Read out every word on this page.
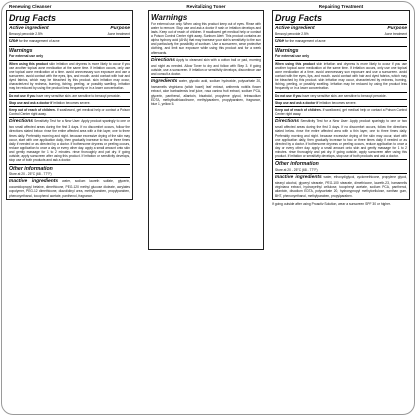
Renewing Cleanser
Drug Facts
Active ingredient	Purpose
Benzoyl peroxide 2.5%	Acne treatment
Use for the management of acne
Warnings
For external use only
When using this product skin irritation and dryness is more likely to occur if you use another topical acne medication at the same time. If irritation occurs, only use one topical acne medication at a time. avoid unnecessary sun exposure and use a sunscreen. avoid contact with the eyes, lips, and mouth. avoid contact with hair and dyed fabrics, which may be bleached by this product. skin irritation may occur, characterized by redness, burning, itching, peeling, or possibly swelling. Irritation may be reduced by using the product less frequently or in a lower concentration.
Do not use if you have very sensitive skin. are sensitive to benzoyl peroxide.
Stop use and ask a doctor if irritation becomes severe.
Keep out of reach of children. If swallowed, get medical help or contact a Poison Control Center right away.
Directions Sensitivity Test for a New User: Apply product sparingly to one or two small affected areas during the first 3 days. If no discomfort occurs, follow the directions stated below. rinse the entire affected area with a thin layer, one to three times daily. Preferably morning and night. because excessive drying of the skin may occur, start with one application daily, then gradually increase to two or three times daily if needed or as directed by a doctor. if bothersome dryness or peeling occurs, reduce application to once a day or every other day. apply a small amount onto skin and gently massage for 1 to 2 minutes. rinse thoroughly and pat dry. if going outside, apply sunscreen after using this product. If irritation or sensitivity develops, stop use of both products and ask a doctor.
Other information
Store at 20 - 25°C (68 - 77°F)
Inactive ingredients water, sodium laureth sulfate, glycerin, cocamidopropyl betaine, dimethicone, PEG-120 methyl glucose dioleate, acrylates copolymer, PEG-12 dimethicone, diazolidinyl urea, methylparaben, propylparaben, phenoxyethanol, tocopherol acetate, panthenol, fragrance.
Revitalizing Toner
Warnings
For external use only. When using this product keep out of eyes. Rinse with water to remove. Stop use and ask a doctor if rash or irritation develops and lasts. Keep out of reach of children. If swallowed get medical help or contact a Poison Control Center right away. Sunburn Alert: This product contains an alpha hydroxy acid (AHA) that may increase your skin's sensitivity to the sun and particularly the possibility of sunburn. Use a sunscreen, wear protective clothing, and limit sun exposure while using this product and for a week afterwards.
Directions Apply to cleansed skin with a cotton ball or pad, morning and night as needed. Allow Toner to dry and follow with Step 3. If going outside, use a sunscreen. If irritation or sensitivity develops, discontinue use and consult a doctor.
Ingredients water, glycolic acid, sodium hydroxide, polysorbate 20, hamamelis virginiana (witch hazel) leaf extract, anthemis nobilis flower extract, aloe barbadensis leaf juice, rosa canina fruit extract, sodium PCA, glycerin, panthenol, allantoin, bisabolol, propylene glycol, tetrasodium EDTA, methylisothiazolinone, methylparaben, propylparaben, fragrance, blue 1, yellow 5.
Repairing Treatment
Drug Facts
Active ingredient	Purpose
Benzoyl peroxide 2.5%	Acne treatment
Use for the management of acne
Warnings
For external use only
When using this product skin irritation and dryness is more likely to occur if you use another topical acne medication at the same time. If irritation occurs, only use one topical acne medication at a time. avoid unnecessary sun exposure and use a sunscreen. avoid contact with the eyes, lips, and mouth. avoid contact with hair and dyed fabrics, which may be bleached by this product. skin irritation may occur, characterized by redness, burning, itching, peeling, or possibly swelling. Irritation may be reduced by using the product less frequently or in a lower concentration.
Do not use if you have very sensitive skin. are sensitive to benzoyl peroxide.
Stop use and ask a doctor if irritation becomes severe.
Keep out of reach of children. If swallowed, get medical help or contact a Poison Control Center right away.
Directions Sensitivity Test for a New User: Apply product sparingly to one or two small affected areas during the first 3 days. If no discomfort occurs, follow the directions stated below. rinse the entire affected area with a thin layer, one to three times daily. Preferably morning and night. because excessive drying of the skin may occur, start with one application daily, then gradually increase to two or three times daily if needed or as directed by a doctor. if bothersome dryness or peeling occurs, reduce application to once a day or every other day. apply a small amount onto skin and gently massage for 1 to 2 minutes. rinse thoroughly and pat dry. if going outside, apply sunscreen after using this product. If irritation or sensitivity develops, stop use of both products and ask a doctor.
Other information
Store at 20 - 25°C (68 - 77°F)
Inactive ingredients water, ethoxydiglycol, cyclomethicone, propylene glycol, stearyl alcohol, glyceryl stearate, PEG-100 stearate, dimethicone, laureth-23, hamamelis virginiana extract, hydroxyethyl cellulose, tocopheryl acetate, sodium PCA, panthenol, allantoin, disodium EDTA, polysorbate 20, hydroxypropyl methylcellulose, xanthan gum, BHT, phenoxyethanol, methylparaben, propylparaben.
If going outside after using Proactiv Solution, wear a sunscreen SPF 30 or higher.
